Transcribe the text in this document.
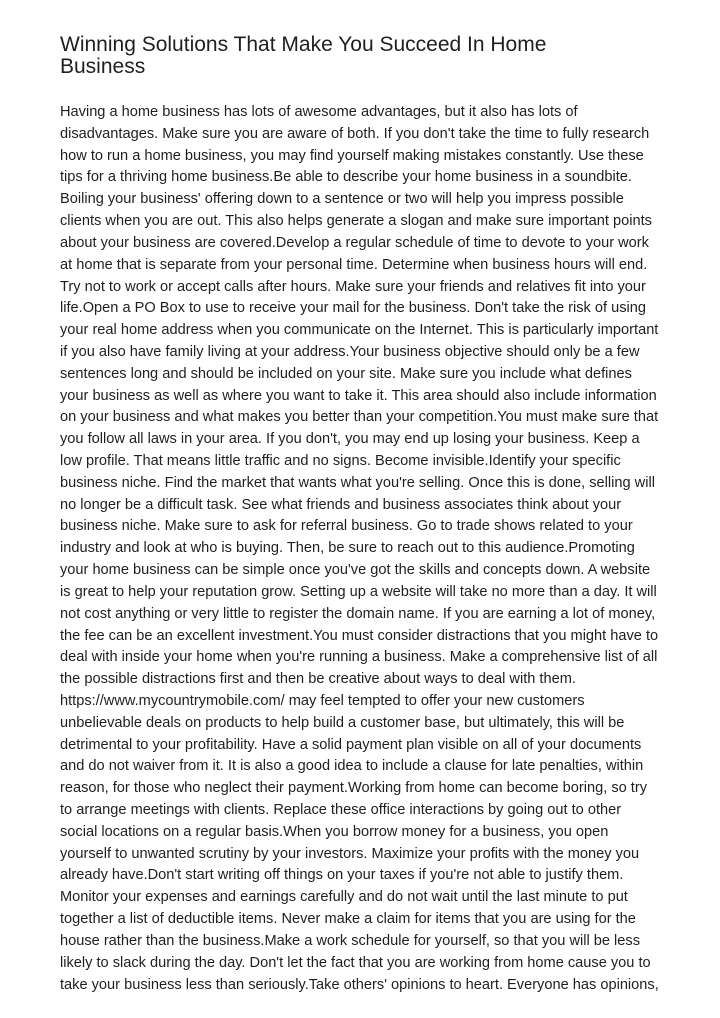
Winning Solutions That Make You Succeed In Home Business
Having a home business has lots of awesome advantages, but it also has lots of
disadvantages. Make sure you are aware of both. If you don't take the time to fully research
how to run a home business, you may find yourself making mistakes constantly. Use these
tips for a thriving home business.Be able to describe your home business in a soundbite.
Boiling your business' offering down to a sentence or two will help you impress possible
clients when you are out. This also helps generate a slogan and make sure important points
about your business are covered.Develop a regular schedule of time to devote to your work
at home that is separate from your personal time. Determine when business hours will end.
Try not to work or accept calls after hours. Make sure your friends and relatives fit into your
life.Open a PO Box to use to receive your mail for the business. Don't take the risk of using
your real home address when you communicate on the Internet. This is particularly important
if you also have family living at your address.Your business objective should only be a few
sentences long and should be included on your site. Make sure you include what defines
your business as well as where you want to take it. This area should also include information
on your business and what makes you better than your competition.You must make sure that
you follow all laws in your area. If you don't, you may end up losing your business. Keep a
low profile. That means little traffic and no signs. Become invisible.Identify your specific
business niche. Find the market that wants what you're selling. Once this is done, selling will
no longer be a difficult task. See what friends and business associates think about your
business niche. Make sure to ask for referral business. Go to trade shows related to your
industry and look at who is buying. Then, be sure to reach out to this audience.Promoting
your home business can be simple once you've got the skills and concepts down. A website
is great to help your reputation grow. Setting up a website will take no more than a day. It will
not cost anything or very little to register the domain name. If you are earning a lot of money,
the fee can be an excellent investment.You must consider distractions that you might have to
deal with inside your home when you're running a business. Make a comprehensive list of all
the possible distractions first and then be creative about ways to deal with them.
https://www.mycountrymobile.com/ may feel tempted to offer your new customers
unbelievable deals on products to help build a customer base, but ultimately, this will be
detrimental to your profitability. Have a solid payment plan visible on all of your documents
and do not waiver from it. It is also a good idea to include a clause for late penalties, within
reason, for those who neglect their payment.Working from home can become boring, so try
to arrange meetings with clients. Replace these office interactions by going out to other
social locations on a regular basis.When you borrow money for a business, you open
yourself to unwanted scrutiny by your investors. Maximize your profits with the money you
already have.Don't start writing off things on your taxes if you're not able to justify them.
Monitor your expenses and earnings carefully and do not wait until the last minute to put
together a list of deductible items. Never make a claim for items that you are using for the
house rather than the business.Make a work schedule for yourself, so that you will be less
likely to slack during the day. Don't let the fact that you are working from home cause you to
take your business less than seriously.Take others' opinions to heart. Everyone has opinions,
